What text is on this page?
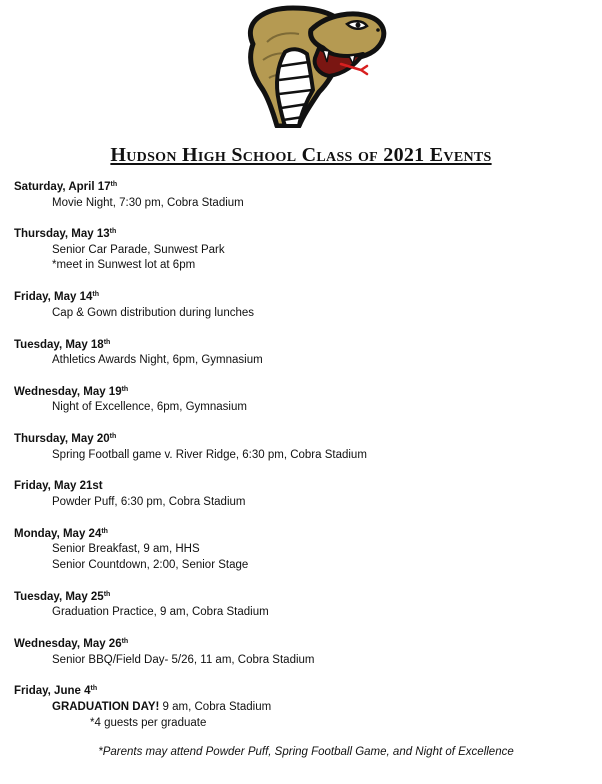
Hudson High School Class of 2021 Events
Saturday, April 17th
Movie Night, 7:30 pm, Cobra Stadium
Thursday, May 13th
Senior Car Parade, Sunwest Park
*meet in Sunwest lot at 6pm
Friday, May 14th
Cap & Gown distribution during lunches
Tuesday, May 18th
Athletics Awards Night, 6pm, Gymnasium
Wednesday, May 19th
Night of Excellence, 6pm, Gymnasium
Thursday, May 20th
Spring Football game v. River Ridge, 6:30 pm, Cobra Stadium
Friday, May 21st
Powder Puff, 6:30 pm, Cobra Stadium
Monday, May 24th
Senior Breakfast, 9 am, HHS
Senior Countdown, 2:00, Senior Stage
Tuesday, May 25th
Graduation Practice, 9 am, Cobra Stadium
Wednesday, May 26th
Senior BBQ/Field Day- 5/26, 11 am, Cobra Stadium
Friday, June 4th
GRADUATION DAY! 9 am, Cobra Stadium
*4 guests per graduate
*Parents may attend Powder Puff, Spring Football Game, and Night of Excellence
